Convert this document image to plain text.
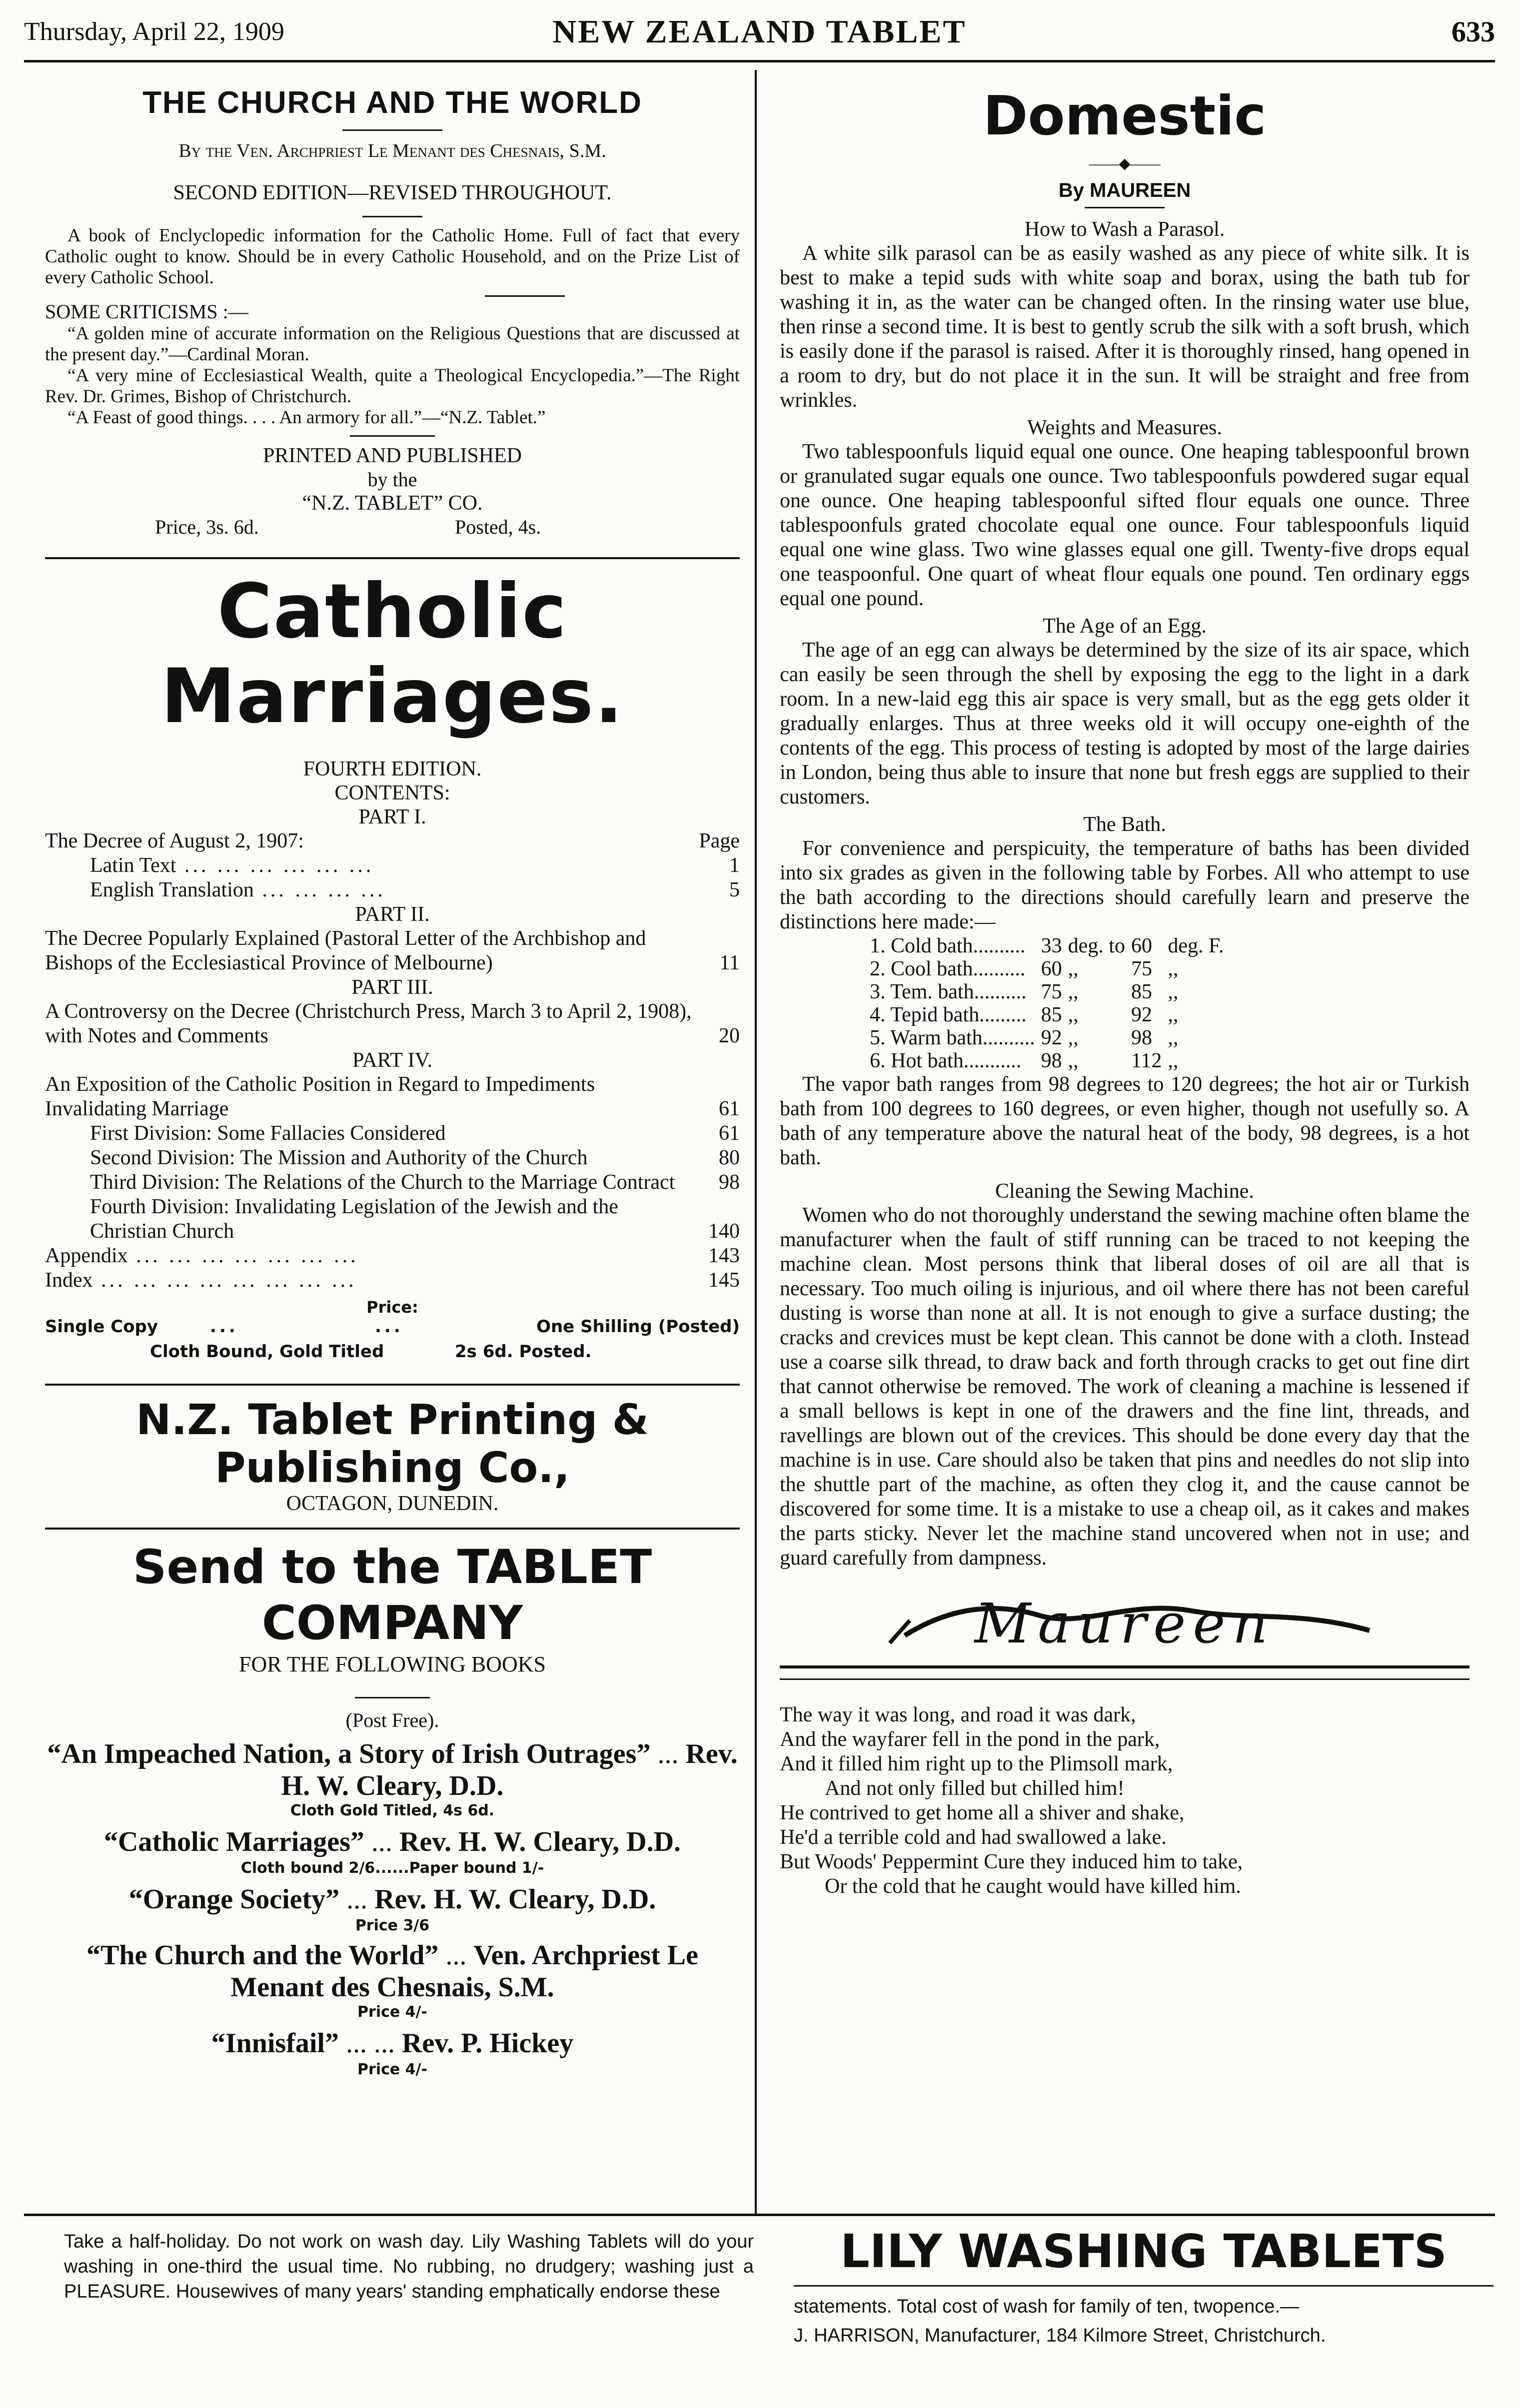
Thursday, April 22, 1909	NEW ZEALAND TABLET	633
THE CHURCH AND THE WORLD
By the Ven. Archpriest Le Menant des Chesnais, S.M.
SECOND EDITION—REVISED THROUGHOUT.

A book of Enclyclopedic information for the Catholic Home. Full of fact that every Catholic ought to know. Should be in every Catholic Household, and on the Prize List of every Catholic School.

SOME CRITICISMS :—

“A golden mine of accurate information on the Religious Questions that are discussed at the present day.”—Cardinal Moran.

“A very mine of Ecclesiastical Wealth, quite a Theological Encyclopedia.”—The Right Rev. Dr. Grimes, Bishop of Christchurch.

“A Feast of good things. . . . An armory for all.”—“N.Z. Tablet.”

PRINTED AND PUBLISHED
by the
“N.Z. TABLET” CO.
Price, 3s. 6d.	Posted, 4s.
Catholic Marriages.
FOURTH EDITION.
CONTENTS:
PART I.
The Decree of August 2, 1907:	Page
Latin Text ... ... ... ... ... ...	1
English Translation ... ... ... ...	5
PART II.
The Decree Popularly Explained (Pastoral Letter of the Archbishop and Bishops of the Ecclesiastical Province of Melbourne)	11
PART III.
A Controversy on the Decree (Christchurch Press, March 3 to April 2, 1908), with Notes and Comments	20
PART IV.
An Exposition of the Catholic Position in Regard to Impediments Invalidating Marriage	61
First Division: Some Fallacies Considered	61
Second Division: The Mission and Authority of the Church	80
Third Division: The Relations of the Church to the Marriage Contract 98
Fourth Division: Invalidating Legislation of the Jewish and the Christian Church	140
Appendix ... ... ... ... ... ... ...	143
Index ... ... ... ... ... ... ... ...	145
Price:
Single Copy	...	...	One Shilling (Posted)
Cloth Bound, Gold Titled	2s 6d. Posted.
N.Z. Tablet Printing & Publishing Co.,
OCTAGON, DUNEDIN.
Send to the TABLET COMPANY
FOR THE FOLLOWING BOOKS
(Post Free).
“An Impeached Nation, a Story of Irish Outrages” ... Rev. H. W. Cleary, D.D.
Cloth Gold Titled, 4s 6d.
“Catholic Marriages” ... Rev. H. W. Cleary, D.D.
Cloth bound 2/6......Paper bound 1/-
“Orange Society” ... Rev. H. W. Cleary, D.D.
Price 3/6
“The Church and the World” ... Ven. Archpriest Le Menant des Chesnais, S.M.
Price 4/-
“Innisfail” ... ... Rev. P. Hickey
Price 4/-
Domestic
——◆——
By MAUREEN
How to Wash a Parasol.

A white silk parasol can be as easily washed as any piece of white silk. It is best to make a tepid suds with white soap and borax, using the bath tub for washing it in, as the water can be changed often. In the rinsing water use blue, then rinse a second time. It is best to gently scrub the silk with a soft brush, which is easily done if the parasol is raised. After it is thoroughly rinsed, hang opened in a room to dry, but do not place it in the sun. It will be straight and free from wrinkles.

Weights and Measures.

Two tablespoonfuls liquid equal one ounce. One heaping tablespoonful brown or granulated sugar equals one ounce. Two tablespoonfuls powdered sugar equal one ounce. One heaping tablespoonful sifted flour equals one ounce. Three tablespoonfuls grated chocolate equal one ounce. Four tablespoonfuls liquid equal one wine glass. Two wine glasses equal one gill. Twenty-five drops equal one teaspoonful. One quart of wheat flour equals one pound. Ten ordinary eggs equal one pound.

The Age of an Egg.

The age of an egg can always be determined by the size of its air space, which can easily be seen through the shell by exposing the egg to the light in a dark room. In a new-laid egg this air space is very small, but as the egg gets older it gradually enlarges. Thus at three weeks old it will occupy one-eighth of the contents of the egg. This process of testing is adopted by most of the large dairies in London, being thus able to insure that none but fresh eggs are supplied to their customers.

The Bath.

For convenience and perspicuity, the temperature of baths has been divided into six grades as given in the following table by Forbes. All who attempt to use the bath according to the directions should carefully learn and preserve the distinctions here made:—

1. Cold bath..........	33	deg. to	60	deg. F.
2. Cool bath..........	60	,,	75	,,
3. Tem. bath..........	75	,,	85	,,
4. Tepid bath.........	85	,,	92	,,
5. Warm bath..........	92	,,	98	,,
6. Hot bath...........	98	,,	112	,,

The vapor bath ranges from 98 degrees to 120 degrees; the hot air or Turkish bath from 100 degrees to 160 degrees, or even higher, though not usefully so. A bath of any temperature above the natural heat of the body, 98 degrees, is a hot bath.

Cleaning the Sewing Machine.

Women who do not thoroughly understand the sewing machine often blame the manufacturer when the fault of stiff running can be traced to not keeping the machine clean. Most persons think that liberal doses of oil are all that is necessary. Too much oiling is injurious, and oil where there has not been careful dusting is worse than none at all. It is not enough to give a surface dusting; the cracks and crevices must be kept clean. This cannot be done with a cloth. Instead use a coarse silk thread, to draw back and forth through cracks to get out fine dirt that cannot otherwise be removed. The work of cleaning a machine is lessened if a small bellows is kept in one of the drawers and the fine lint, threads, and ravellings are blown out of the crevices. This should be done every day that the machine is in use. Care should also be taken that pins and needles do not slip into the shuttle part of the machine, as often they clog it, and the cause cannot be discovered for some time. It is a mistake to use a cheap oil, as it cakes and makes the parts sticky. Never let the machine stand uncovered when not in use; and guard carefully from dampness.

Maureen
The way it was long, and road it was dark,
And the wayfarer fell in the pond in the park,
And it filled him right up to the Plimsoll mark,
And not only filled but chilled him!
He contrived to get home all a shiver and shake,
He'd a terrible cold and had swallowed a lake.
But Woods' Peppermint Cure they induced him to take,
Or the cold that he caught would have killed him.

Take a half-holiday. Do not work on wash day. Lily Washing Tablets will do your washing in one-third the usual time. No rubbing, no drudgery; washing just a PLEASURE. Housewives of many years' standing emphatically endorse these

LILY WASHING TABLETS
statements. Total cost of wash for family of ten, twopence.—
J. HARRISON, Manufacturer, 184 Kilmore Street, Christchurch.
